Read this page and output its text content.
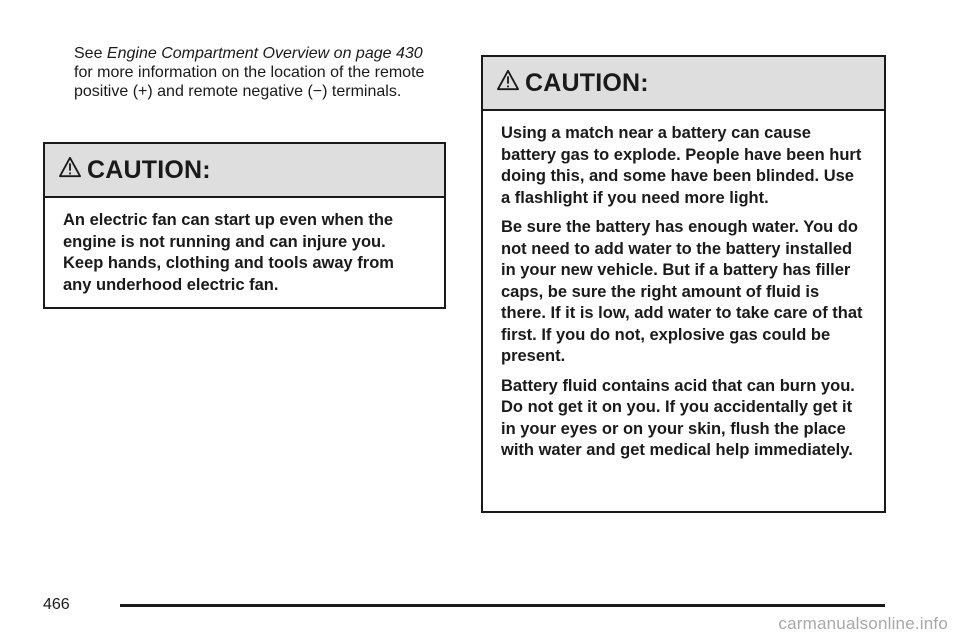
See Engine Compartment Overview on page 430 for more information on the location of the remote positive (+) and remote negative (−) terminals.
CAUTION:

An electric fan can start up even when the engine is not running and can injure you. Keep hands, clothing and tools away from any underhood electric fan.

CAUTION:

Using a match near a battery can cause battery gas to explode. People have been hurt doing this, and some have been blinded. Use a flashlight if you need more light.

Be sure the battery has enough water. You do not need to add water to the battery installed in your new vehicle. But if a battery has filler caps, be sure the right amount of fluid is there. If it is low, add water to take care of that first. If you do not, explosive gas could be present.

Battery fluid contains acid that can burn you. Do not get it on you. If you accidentally get it in your eyes or on your skin, flush the place with water and get medical help immediately.

466
carmanualsonline.info
